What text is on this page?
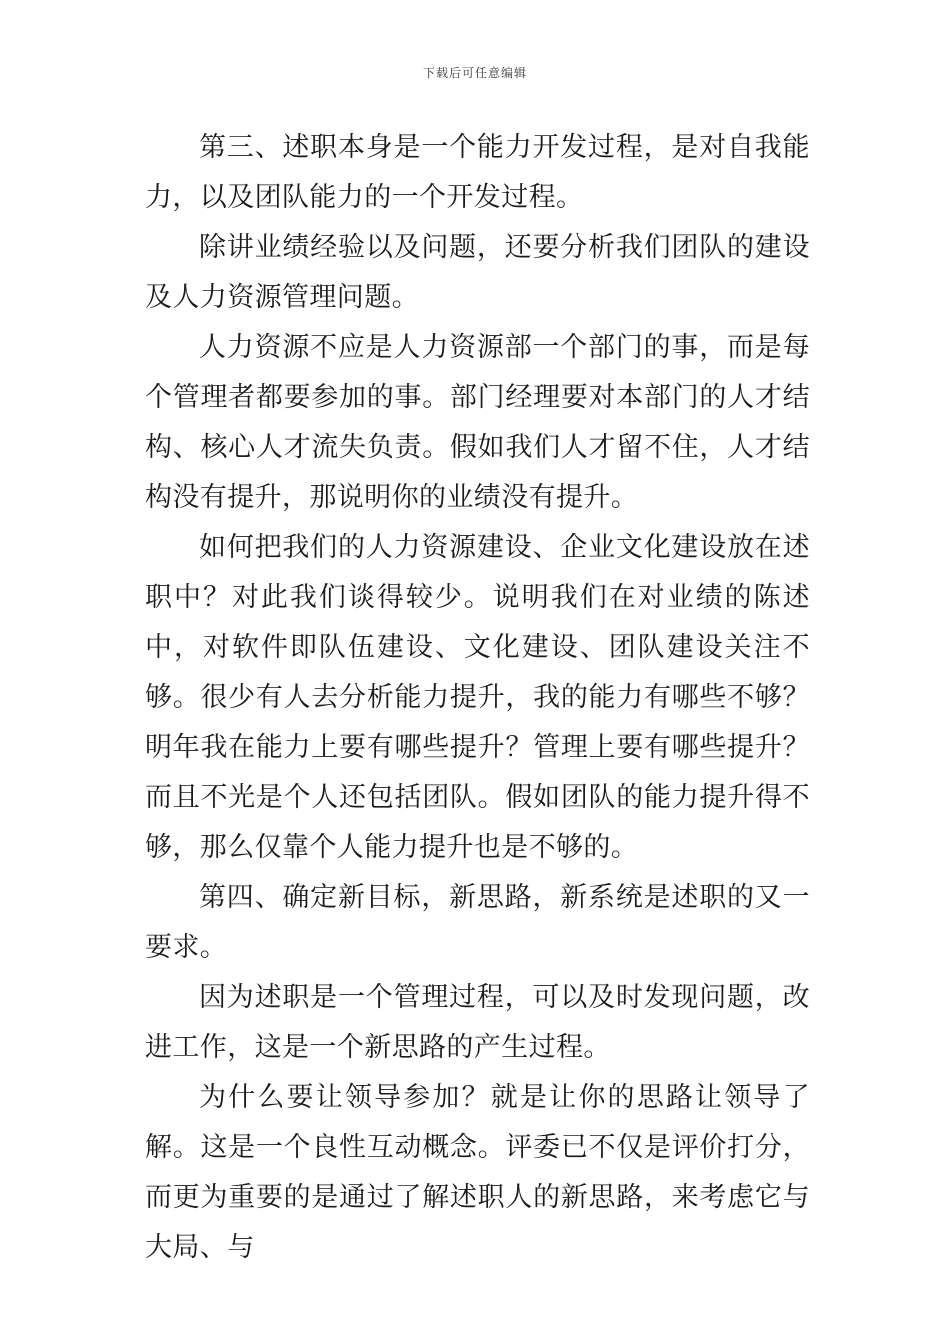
下载后可任意编辑

第三、述职本身是一个能力开发过程，是对自我能力，以及团队能力的一个开发过程。

除讲业绩经验以及问题，还要分析我们团队的建设及人力资源管理问题。

人力资源不应是人力资源部一个部门的事，而是每个管理者都要参加的事。部门经理要对本部门的人才结构、核心人才流失负责。假如我们人才留不住，人才结构没有提升，那说明你的业绩没有提升。

如何把我们的人力资源建设、企业文化建设放在述职中？对此我们谈得较少。说明我们在对业绩的陈述中，对软件即队伍建设、文化建设、团队建设关注不够。很少有人去分析能力提升，我的能力有哪些不够？明年我在能力上要有哪些提升？管理上要有哪些提升？而且不光是个人还包括团队。假如团队的能力提升得不够，那么仅靠个人能力提升也是不够的。

第四、确定新目标，新思路，新系统是述职的又一要求。

因为述职是一个管理过程，可以及时发现问题，改进工作，这是一个新思路的产生过程。

为什么要让领导参加？就是让你的思路让领导了解。这是一个良性互动概念。评委已不仅是评价打分，而更为重要的是通过了解述职人的新思路，来考虑它与大局、与
